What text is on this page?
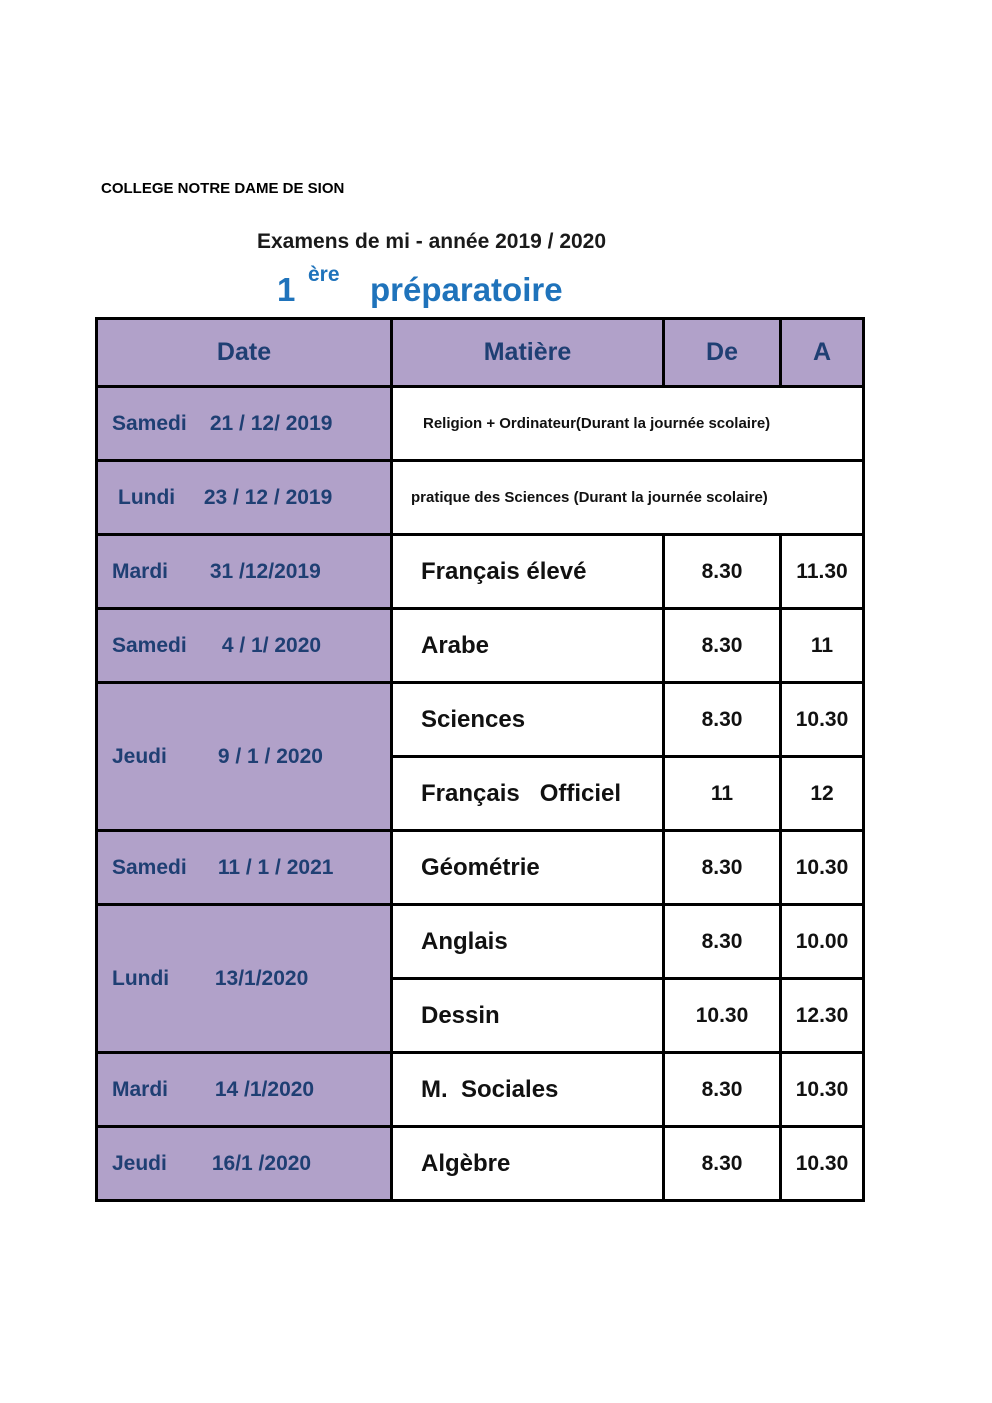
COLLEGE NOTRE DAME DE SION
Examens de mi - année 2019 / 2020
1 ère préparatoire
Date	Matière	De	A
Samedi 21 / 12/ 2019	Religion + Ordinateur(Durant la journée scolaire)		
Lundi 23 / 12 / 2019	pratique des Sciences (Durant la journée scolaire)		
Mardi 31 /12/2019	Français élevé	8.30	11.30
Samedi 4 / 1/ 2020	Arabe	8.30	11
Jeudi 9 / 1 / 2020	Sciences	8.30	10.30
	Français   Officiel	11	12
Samedi 11 / 1 / 2021	Géométrie	8.30	10.30
Lundi 13/1/2020	Anglais	8.30	10.00
	Dessin	10.30	12.30
Mardi 14 /1/2020	M.  Sociales	8.30	10.30
Jeudi 16/1 /2020	Algèbre	8.30	10.30
